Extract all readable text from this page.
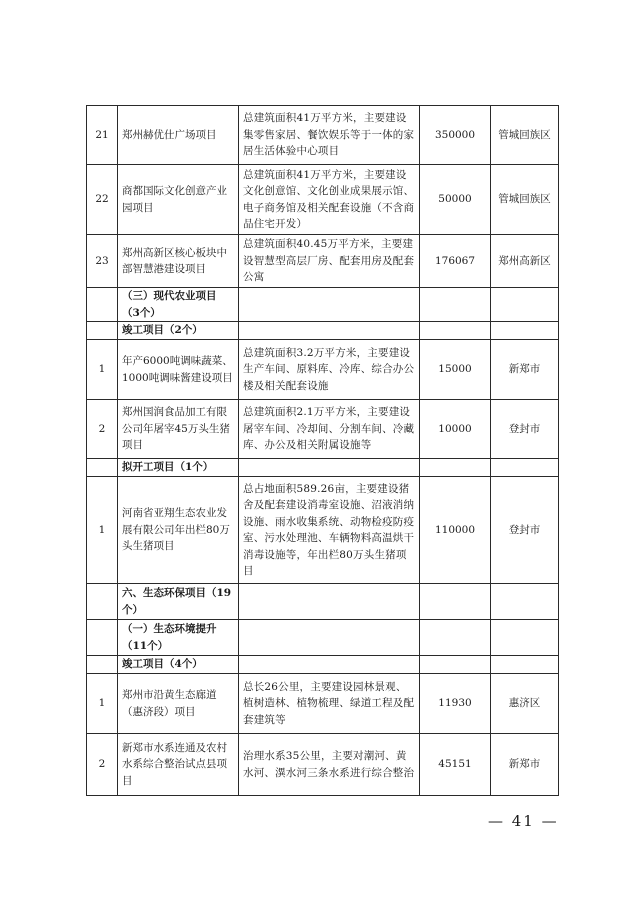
21	郑州赫优仕广场项目	总建筑面积41万平方米，主要建设集零售家居、餐饮娱乐等于一体的家居生活体验中心项目	350000	管城回族区
22	商都国际文化创意产业园项目	总建筑面积41万平方米，主要建设文化创意馆、文化创业成果展示馆、电子商务馆及相关配套设施（不含商品住宅开发）	50000	管城回族区
23	郑州高新区核心板块中部智慧港建设项目	总建筑面积40.45万平方米，主要建设智慧型高层厂房、配套用房及配套公寓	176067	郑州高新区
	（三）现代农业项目（3个）			
	竣工项目（2个）			
1	年产6000吨调味蔬菜、1000吨调味酱建设项目	总建筑面积3.2万平方米，主要建设生产车间、原料库、冷库、综合办公楼及相关配套设施	15000	新郑市
2	郑州国润食品加工有限公司年屠宰45万头生猪项目	总建筑面积2.1万平方米，主要建设屠宰车间、冷却间、分割车间、冷藏库、办公及相关附属设施等	10000	登封市
	拟开工项目（1个）			
1	河南省亚翔生态农业发展有限公司年出栏80万头生猪项目	总占地面积589.26亩，主要建设猪舍及配套建设消毒室设施、沼液消纳设施、雨水收集系统、动物检疫防疫室、污水处理池、车辆物料高温烘干消毒设施等，年出栏80万头生猪项目	110000	登封市
	六、生态环保项目（19个）			
	（一）生态环境提升（11个）			
	竣工项目（4个）			
1	郑州市沿黄生态廊道（惠济段）项目	总长26公里，主要建设园林景观、植树造林、植物梳理、绿道工程及配套建筑等	11930	惠济区
2	新郑市水系连通及农村水系综合整治试点县项目	治理水系35公里，主要对潮河、黄水河、潩水河三条水系进行综合整治	45151	新郑市
— 41 —
